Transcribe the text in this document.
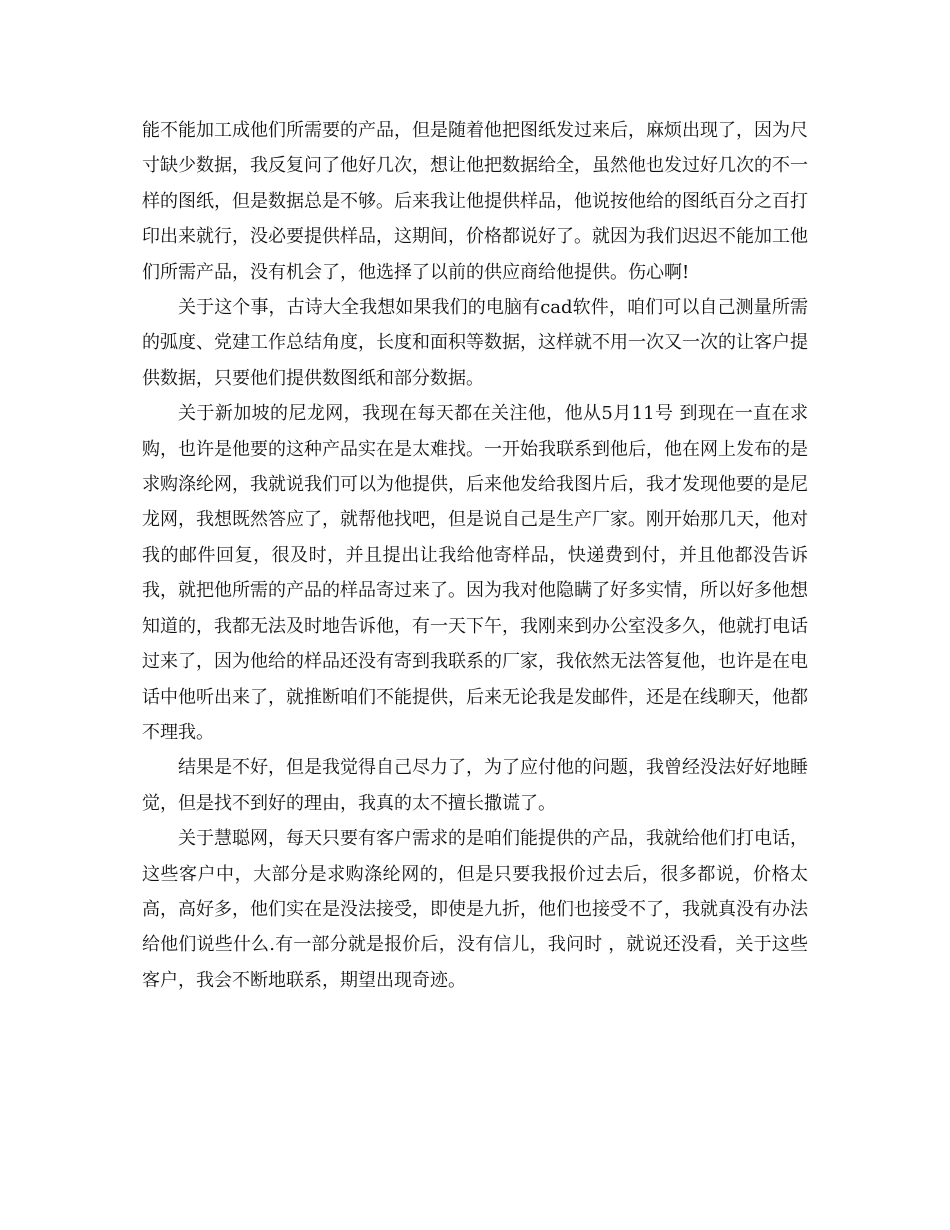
能不能加工成他们所需要的产品，但是随着他把图纸发过来后，麻烦出现了，因为尺寸缺少数据，我反复问了他好几次，想让他把数据给全，虽然他也发过好几次的不一样的图纸，但是数据总是不够。后来我让他提供样品，他说按他给的图纸百分之百打印出来就行，没必要提供样品，这期间，价格都说好了。就因为我们迟迟不能加工他们所需产品，没有机会了，他选择了以前的供应商给他提供。伤心啊!

关于这个事，古诗大全我想如果我们的电脑有cad软件，咱们可以自己测量所需的弧度、党建工作总结角度，长度和面积等数据，这样就不用一次又一次的让客户提供数据，只要他们提供数图纸和部分数据。

关于新加坡的尼龙网，我现在每天都在关注他，他从5月11号 到现在一直在求购，也许是他要的这种产品实在是太难找。一开始我联系到他后，他在网上发布的是求购涤纶网，我就说我们可以为他提供，后来他发给我图片后，我才发现他要的是尼龙网，我想既然答应了，就帮他找吧，但是说自己是生产厂家。刚开始那几天，他对我的邮件回复，很及时，并且提出让我给他寄样品，快递费到付，并且他都没告诉我，就把他所需的产品的样品寄过来了。因为我对他隐瞒了好多实情，所以好多他想知道的，我都无法及时地告诉他，有一天下午，我刚来到办公室没多久，他就打电话过来了，因为他给的样品还没有寄到我联系的厂家，我依然无法答复他，也许是在电话中他听出来了，就推断咱们不能提供，后来无论我是发邮件，还是在线聊天，他都不理我。

结果是不好，但是我觉得自己尽力了，为了应付他的问题，我曾经没法好好地睡觉，但是找不到好的理由，我真的太不擅长撒谎了。

关于慧聪网，每天只要有客户需求的是咱们能提供的产品，我就给他们打电话，这些客户中，大部分是求购涤纶网的，但是只要我报价过去后，很多都说，价格太高，高好多，他们实在是没法接受，即使是九折，他们也接受不了，我就真没有办法给他们说些什么.有一部分就是报价后，没有信儿，我问时 ，就说还没看，关于这些客户，我会不断地联系，期望出现奇迹。
